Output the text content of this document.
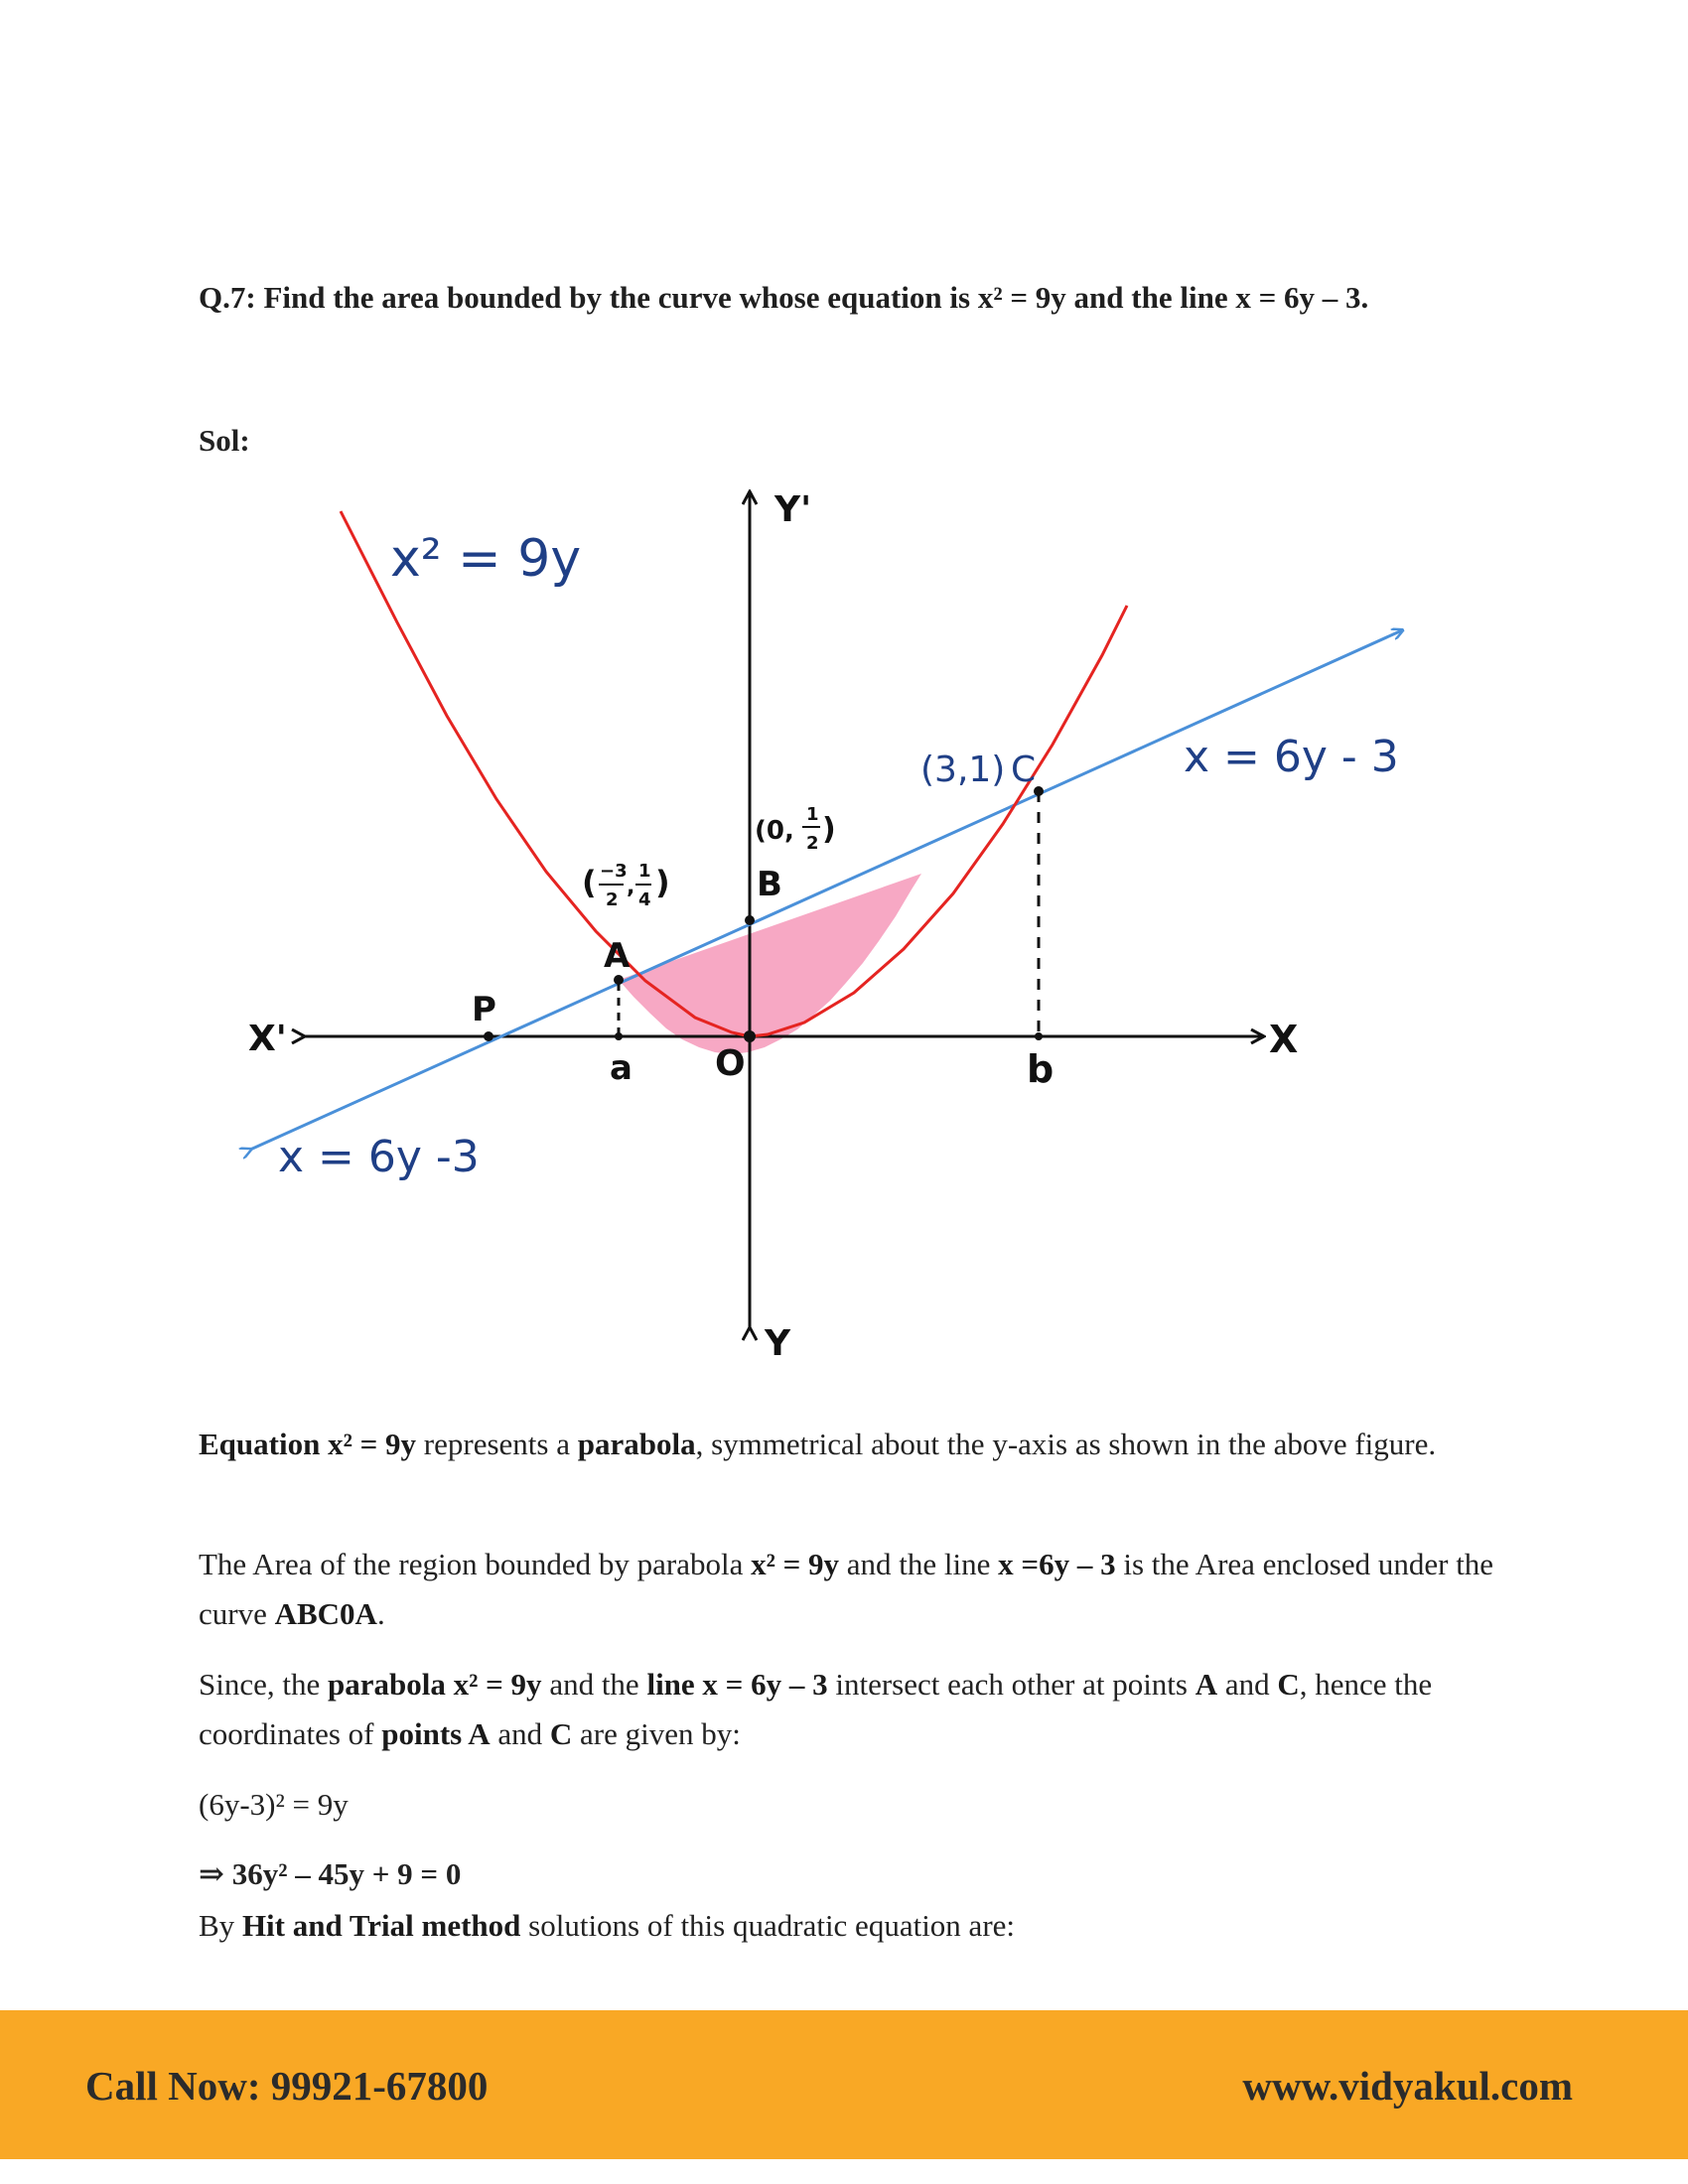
Q.7: Find the area bounded by the curve whose equation is x² = 9y and the line x = 6y – 3.

Sol:

x² = 9y
x = 6y - 3
x = 6y -3
Y'
Y
X'	X
P
A
B
C
O
a	b
(3,1)
( −3
2
,
1
4 )
(0,
1
2 )

Equation x² = 9y represents a parabola, symmetrical about the y-axis as shown in the above figure.

The Area of the region bounded by parabola x² = 9y and the line x =6y – 3 is the Area enclosed under the curve ABC0A.

Since, the parabola x² = 9y and the line x = 6y – 3 intersect each other at points A and C, hence the coordinates of points A and C are given by:

(6y-3)² = 9y

⇒ 36y² – 45y + 9 = 0

By Hit and Trial method solutions of this quadratic equation are:

Call Now: 99921-67800	www.vidyakul.com
